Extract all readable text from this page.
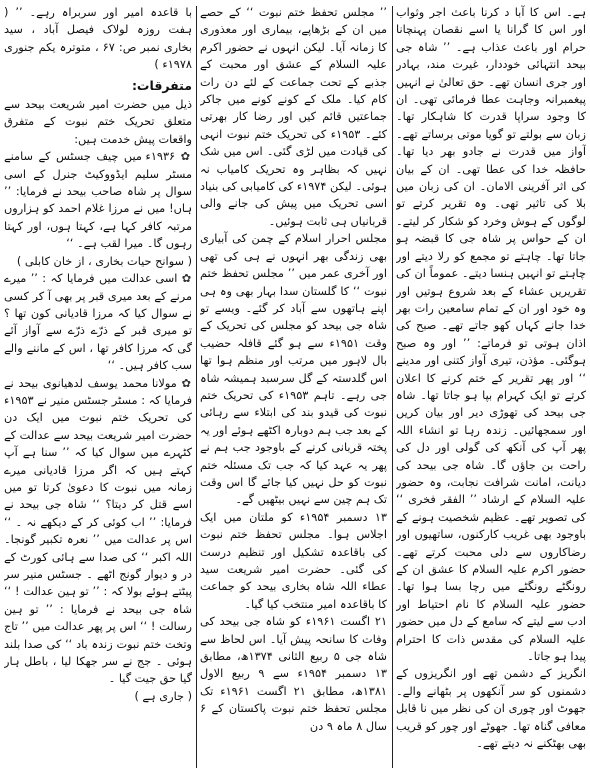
ہے۔ اس کا آبا د کرنا باعث اجر وثواب اور اس کا گرانا یا اسے نقصان پہنچانا حرام اور باعث عذاب ہے۔ ’’ شاہ جی بیحد انتہائی خوددار، غیرت مند، بہادر اور جری انسان تھے۔ حق تعالیٰ نے انہیں پیغمبرانہ وجاہت عطا فرمائی تھی۔ ان کا وجود سراپا قدرت کا شاہکار تھا۔ زبان سے بولتے تو گویا موتی برساتے تھے۔ آواز میں قدرت نے جادو بھر دیا تھا۔ حافظہ خدا کی عطا تھی۔ ان کے بیان کی اثر آفرینی الامان۔ ان کی زبان میں بلا کی تاثیر تھی۔ وہ تقریر کرتے تو لوگوں کے ہوش وخرد کو شکار کر لیتے۔ ان کے حواس پر شاہ جی کا قبضہ ہو جاتا تھا۔ چاہتے تو مجمع کو رلا دیتے اور چاہتے تو انہیں ہنسا دیتے۔ عموماً ان کی تقریریں عشاء کے بعد شروع ہوتیں اور وہ خود اور ان کے تمام سامعین رات بھر خدا جانے کہاں کھو جاتے تھے۔ صبح کی اذان ہوتی تو فرماتے: ’’ اور وہ صبح ہوگئی۔ مؤذن، تیری آواز کتنی اور مدینے ‘‘ اور پھر تقریر کے ختم کرنے کا اعلان کرتے تو ایک کہرام بپا ہو جاتا تھا۔ شاہ جی بیحد کی تھوڑی دیر اور بیان کریں اور سمجھائیں۔ زندہ رہا تو انشاء اللہ پھر آپ کی آنکھ کی گولی اور دل کی راحت بن جاؤں گا۔ شاہ جی بیحد کی دیانت، امانت شرافت نجابت، وہ حضور علیہ السلام کے ارشاد ’’ الفقر فخری ‘‘ کی تصویر تھے۔ عظیم شخصیت ہونے کے باوجود بھی غریب کارکنوں، ساتھیوں اور رضاکاروں سے دلی محبت کرتے تھے۔ حضور اکرم علیہ السلام کا عشق ان کے رونگٹے رونگٹے میں رچا بسا ہوا تھا۔ حضور علیہ السلام کا نام احتیاط اور ادب سے لیتے کہ سامع کے دل میں حضور علیہ السلام کی مقدس ذات کا احترام پیدا ہو جاتا۔

انگریز کے دشمن تھے اور انگریزوں کے دشمنوں کو سر آنکھوں پر بٹھانے والے۔ جھوٹ اور چوری ان کی نظر میں نا قابل معافی گناہ تھا۔ جھوٹے اور چور کو قریب بھی بھٹکنے نہ دیتے تھے۔

’’ مجلس تحفظ ختم نبوت ‘‘ کے حصے میں ان کے بڑھاپے، بیماری اور معذوری کا زمانہ آیا۔ لیکن انہوں نے حضور اکرم علیہ السلام کے عشق اور محبت کے جذبے کے تحت جماعت کے لئے دن رات کام کیا۔ ملک کے کونے کونے میں جاکر جماعتیں قائم کیں اور رضا کار بھرتی کئے۔ ۱۹۵۳ء کی تحریک ختم نبوت انہی کی قیادت میں لڑی گئی۔ اس میں شک نہیں کہ بظاہر وہ تحریک کامیاب نہ ہوئی۔ لیکن ۱۹۷۴ء کی کامیابی کی بنیاد اسی تحریک میں پیش کی جانے والی قربانیاں ہی ثابت ہوئیں۔

مجلس احرار اسلام کے چمن کی آبیاری بھی زندگی بھر انہوں نے ہی کی تھی اور آخری عمر میں ’’ مجلس تحفظ ختم نبوت ‘‘ کا گلستان سدا بہار بھی وہ ہی اپنے ہاتھوں سے آباد کر گئے۔ ویسے تو شاہ جی بیحد کو مجلس کی تحریک کے وقت ۱۹۵۱ء سے ہو گئے قافلہ حضیب بال لاہور میں مرتب اور منظم ہوا تھا اس گلدستہ کے گل سرسبد ہمیشہ شاہ جی رہے۔ تاہم ۱۹۵۳ء کی تحریک ختم نبوت کی قیدو بند کی ابتلاء سے رہائی کے بعد جب ہم دوبارہ اکٹھے ہوئے اور یہ پختہ قربانی کرنے کے باوجود جب ہم نے پھر یہ عہد کیا کہ جب تک مسئلہ ختم نبوت کو حل نہیں کیا جائے گا اس وقت تک ہم چین سے نہیں بیٹھیں گے۔

۱۳ دسمبر ۱۹۵۴ء کو ملتان میں ایک اجلاس ہوا۔ مجلس تحفظ ختم نبوت کی باقاعدہ تشکیل اور تنظیم درست کی گئی۔ حضرت امیر شریعت سید عطاء اللہ شاہ بخاری بیحد کو جماعت کا باقاعدہ امیر منتخب کیا گیا۔

۲۱ اگست ۱۹۶۱ء کو شاہ جی بیحد کی وفات کا سانحہ پیش آیا۔ اس لحاظ سے شاہ جی ۵ ربیع الثانی ۱۳۷۴ھ، مطابق ۱۳ دسمبر ۱۹۵۴ء سے ۹ ربیع الاول ۱۳۸۱ھ، مطابق ۲۱ اگست ۱۹۶۱ء تک مجلس تحفظ ختم نبوت پاکستان کے ۶ سال ۸ ماہ ۹ دن

با قاعدہ امیر اور سربراہ رہے۔ ’’ ( ہفت روزہ لولاک فیصل آباد ، سید بخاری نمبر ص: ۶۷ ، متوترہ یکم جنوری ۱۹۷۸ء )

متفرقات:

ذیل میں حضرت امیر شریعت بیحد سے متعلق تحریک ختم نبوت کے متفرق واقعات پیش خدمت ہیں:

✿ ۱۹۳۶ء میں چیف جسٹس کے سامنے مسٹر سلیم ایڈووکیٹ جنرل کے اسی سوال پر شاہ صاحب بیحد نے فرمایا: ’’ ہاں! میں نے مرزا غلام احمد کو ہزاروں مرتبہ کافر کہا ہے، کہتا ہوں، اور کہتا رہوں گا۔ میرا لقب ہے۔ ‘‘

( سوانح حیات بخاری ، از خان کابلی )

✿ اسی عدالت میں فرمایا کہ : ’’ میرے مرنے کے بعد میری قبر پر بھی آ کر کسی نے سوال کیا کہ مرزا قادیانی کون تھا ؟ تو میری قبر کے ذرّے ذرّے سے آواز آئے گی کہ مرزا کافر تھا ، اس کے ماننے والے سب کافر ہیں۔ ‘‘

✿ مولانا محمد یوسف لدھیانوی بیحد نے فرمایا کہ : مسٹر جسٹس منیر نے ۱۹۵۳ء کی تحریک ختم نبوت میں ایک دن حضرت امیر شریعت بیحد سے عدالت کے کٹہرے میں سوال کیا کہ ’’ سنا ہے آپ کہتے ہیں کہ اگر مرزا قادیانی میرے زمانہ میں نبوت کا دعویٰ کرتا تو میں اسے قتل کر دیتا؟ ‘‘ شاہ جی بیحد نے فرمایا: ’’ اب کوئی کر کے دیکھے نہ ۔ ‘‘ اس پر عدالت میں ’’ نعرہ تکبیر گونجا۔ اللہ اکبر ‘‘ کی صدا سے ہائی کورٹ کے در و دیوار گونج اٹھے ۔ جسٹس منیر سر پیٹتے ہوئے بولا کہ : ’’ تو ہین عدالت ! ‘‘ شاہ جی بیحد نے فرمایا : ’’ تو ہین رسالت ! ‘‘ اس پر پھر عدالت میں ’’ تاج وتخت ختم نبوت زندہ باد ‘‘ کی صدا بلند ہوئی ۔ جج نے سر جھکا لیا ، باطل ہار گیا حق جیت گیا ۔

( جاری ہے )
